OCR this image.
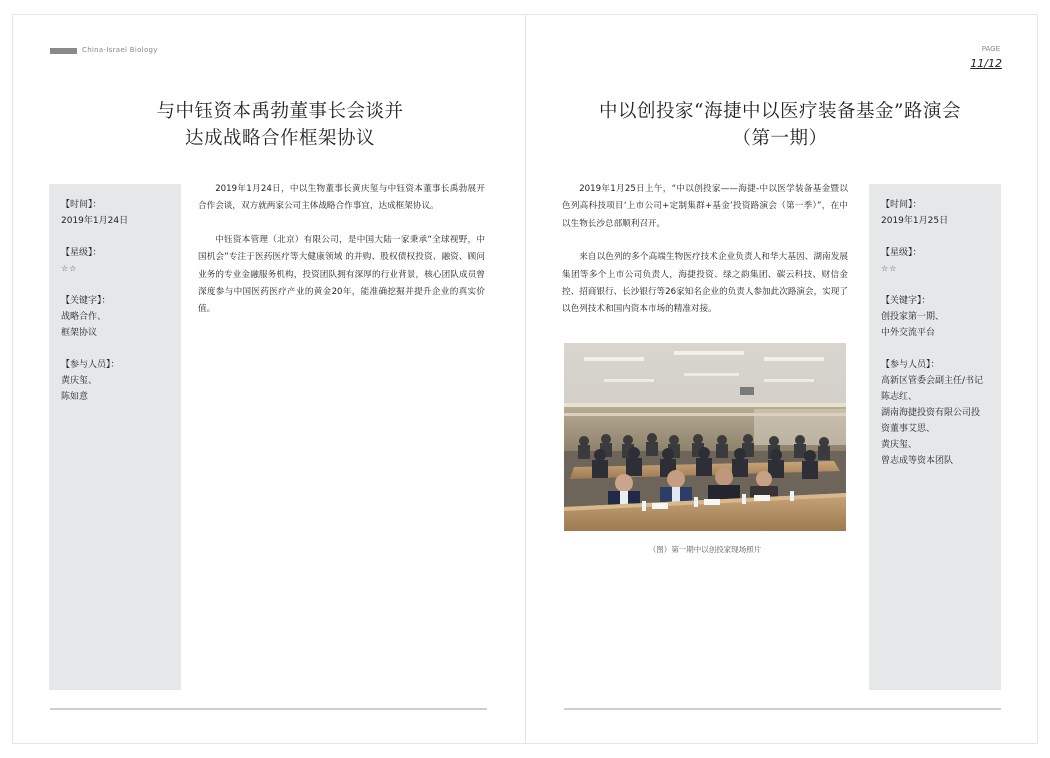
China-Israel Biology	PAGE
11/12
与中钰资本禹勃董事长会谈并
达成战略合作框架协议
【时间】：
2019年1月24日
【星级】：
☆☆
【关键字】：
战略合作、
框架协议
【参与人员】：
黄庆玺、
陈如意

2019年1月24日，中以生物董事长黄庆玺与中钰资本董事长禹勃展开合作会谈，双方就两家公司主体战略合作事宜，达成框架协议。

中钰资本管理（北京）有限公司，是中国大陆一家秉承“全球视野，中国机会”专注于医药医疗等大健康领域 的并购、股权债权投资、融资、顾问业务的专业金融服务机构，投资团队拥有深厚的行业背景，核心团队成员曾深度参与中国医药医疗产业的黄金20年，能准确挖掘并提升企业的真实价值。

中以创投家“海捷中以医疗装备基金”路演会
（第一期）

2019年1月25日上午，“中以创投家——海捷-中以医学装备基金暨以色列高科技项目‘上市公司+定制集群+基金’投资路演会（第一季）”，在中以生物长沙总部顺利召开。

来自以色列的多个高端生物医疗技术企业负责人和华大基因、湖南发展集团等多个上市公司负责人，海捷投资、绿之韵集团、碳云科技、财信金控、招商银行、长沙银行等26家知名企业的负责人参加此次路演会，实现了以色列技术和国内资本市场的精准对接。

（图）第一期中以创投家现场照片
【时间】：
2019年1月25日
【星级】：
☆☆
【关键字】：
创投家第一期、
中外交流平台
【参与人员】：
高新区管委会副主任/书记
陈志红、
湖南海捷投资有限公司投
资董事艾思、
黄庆玺、
曾志成等资本团队
